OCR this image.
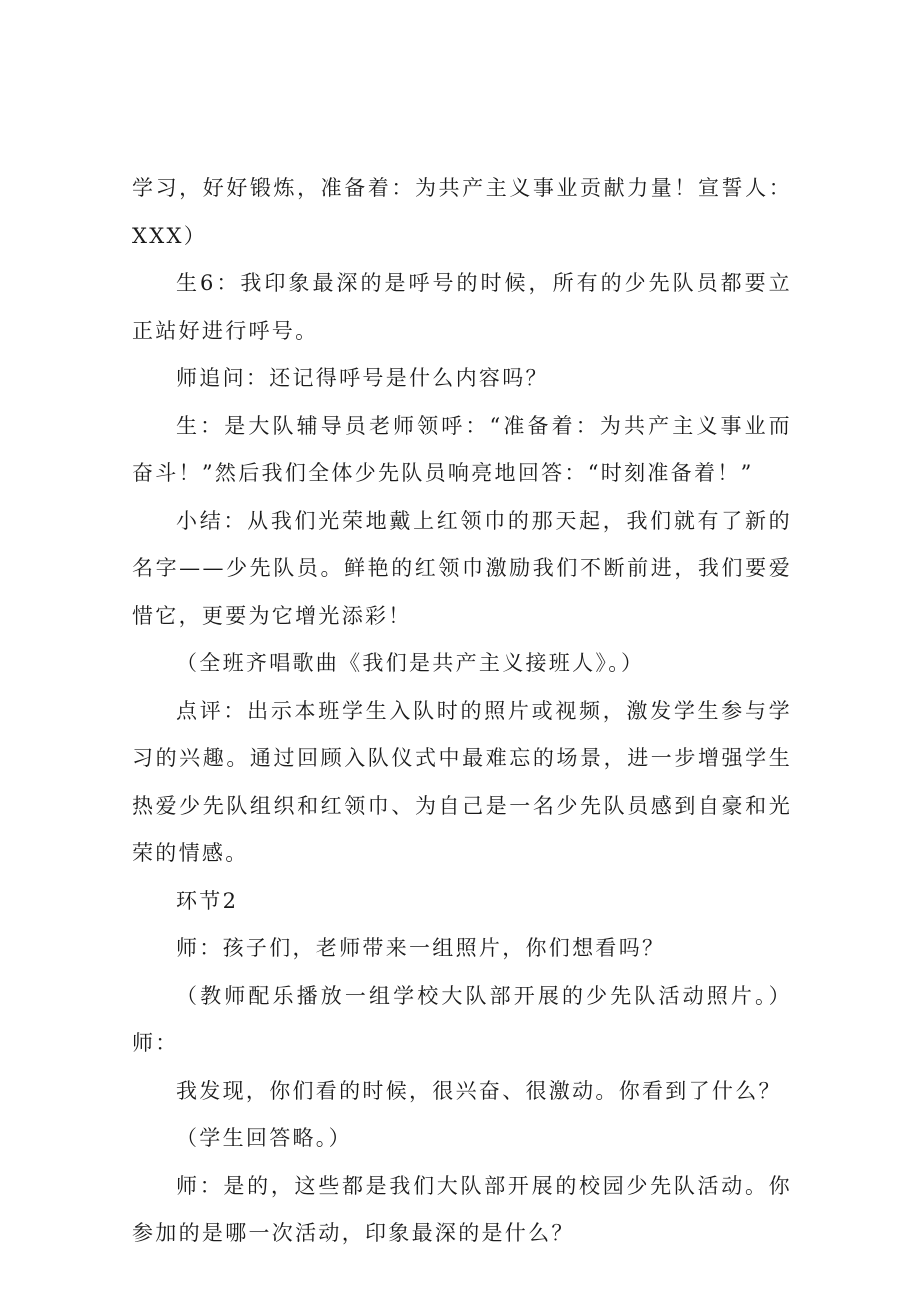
学习，好好锻炼，准备着：为共产主义事业贡献力量！宣誓人：XXX）

生6：我印象最深的是呼号的时候，所有的少先队员都要立正站好进行呼号。

师追问：还记得呼号是什么内容吗？

生：是大队辅导员老师领呼：“准备着：为共产主义事业而奋斗！”然后我们全体少先队员响亮地回答：“时刻准备着！”

小结：从我们光荣地戴上红领巾的那天起，我们就有了新的名字——少先队员。鲜艳的红领巾激励我们不断前进，我们要爱惜它，更要为它增光添彩！

（全班齐唱歌曲《我们是共产主义接班人》。）

点评：出示本班学生入队时的照片或视频，激发学生参与学习的兴趣。通过回顾入队仪式中最难忘的场景，进一步增强学生热爱少先队组织和红领巾、为自己是一名少先队员感到自豪和光荣的情感。

环节2

师：孩子们，老师带来一组照片，你们想看吗？

（教师配乐播放一组学校大队部开展的少先队活动照片。）师：

我发现，你们看的时候，很兴奋、很激动。你看到了什么？

（学生回答略。）

师：是的，这些都是我们大队部开展的校园少先队活动。你参加的是哪一次活动，印象最深的是什么？
